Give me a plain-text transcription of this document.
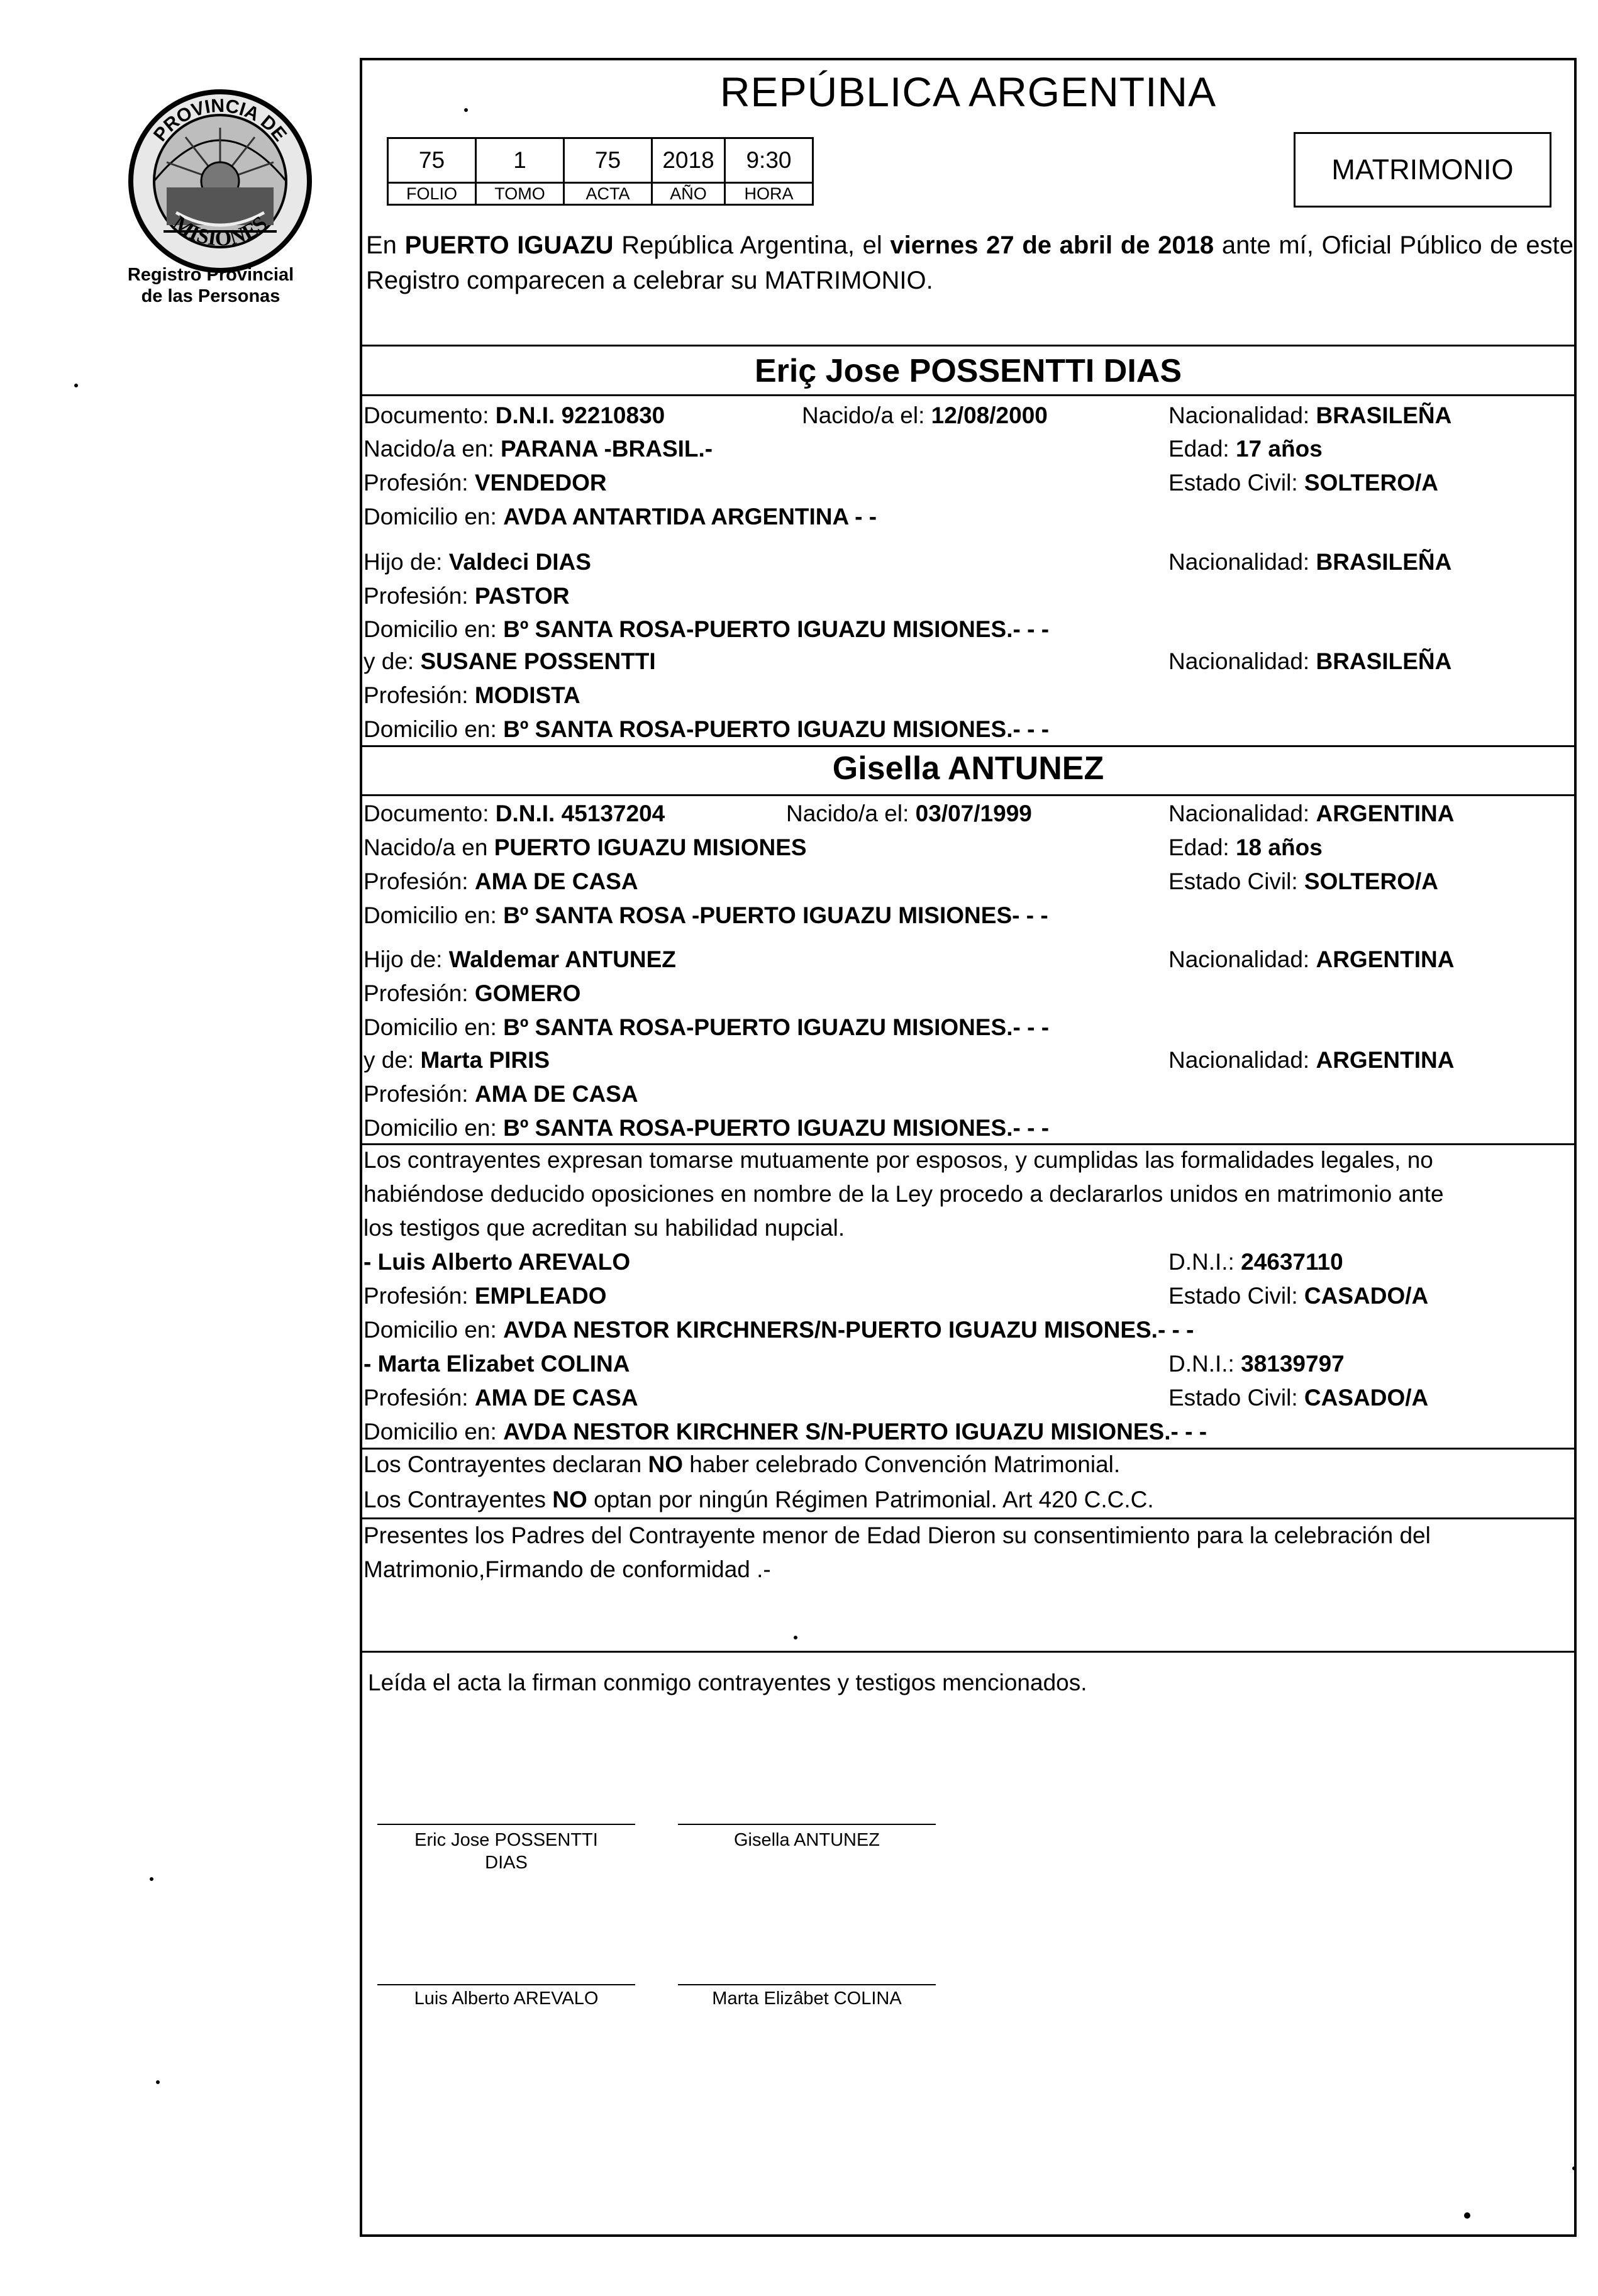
PROVINCIA DE
MISIONES
Registro Provincial
de las Personas
REPÚBLICA ARGENTINA
75	1	75	2018	9:30
FOLIO	TOMO	ACTA	AÑO	HORA
MATRIMONIO
En PUERTO IGUAZU República Argentina, el viernes 27 de abril de 2018 ante mí, Oficial Público de este Registro comparecen a celebrar su MATRIMONIO.
Eriç Jose POSSENTTI DIAS
Documento: D.N.I. 92210830	Nacido/a el: 12/08/2000	Nacionalidad: BRASILEÑA
Nacido/a en: PARANA -BRASIL.-	Edad: 17 años
Profesión: VENDEDOR	Estado Civil: SOLTERO/A
Domicilio en: AVDA ANTARTIDA ARGENTINA - -
Hijo de: Valdeci DIAS	Nacionalidad: BRASILEÑA
Profesión: PASTOR
Domicilio en: Bº SANTA ROSA-PUERTO IGUAZU MISIONES.- - -
y de: SUSANE POSSENTTI	Nacionalidad: BRASILEÑA
Profesión: MODISTA
Domicilio en: Bº SANTA ROSA-PUERTO IGUAZU MISIONES.- - -
Gisella ANTUNEZ
Documento: D.N.I. 45137204	Nacido/a el: 03/07/1999	Nacionalidad: ARGENTINA
Nacido/a en PUERTO IGUAZU MISIONES	Edad: 18 años
Profesión: AMA DE CASA	Estado Civil: SOLTERO/A
Domicilio en: Bº SANTA ROSA -PUERTO IGUAZU MISIONES- - -
Hijo de: Waldemar ANTUNEZ	Nacionalidad: ARGENTINA
Profesión: GOMERO
Domicilio en: Bº SANTA ROSA-PUERTO IGUAZU MISIONES.- - -
y de: Marta PIRIS	Nacionalidad: ARGENTINA
Profesión: AMA DE CASA
Domicilio en: Bº SANTA ROSA-PUERTO IGUAZU MISIONES.- - -
Los contrayentes expresan tomarse mutuamente por esposos, y cumplidas las formalidades legales, no
habiéndose deducido oposiciones en nombre de la Ley procedo a declararlos unidos en matrimonio ante
los testigos que acreditan su habilidad nupcial.
- Luis Alberto AREVALO	D.N.I.: 24637110
Profesión: EMPLEADO	Estado Civil: CASADO/A
Domicilio en: AVDA NESTOR KIRCHNERS/N-PUERTO IGUAZU MISONES.- - -
- Marta Elizabet COLINA	D.N.I.: 38139797
Profesión: AMA DE CASA	Estado Civil: CASADO/A
Domicilio en: AVDA NESTOR KIRCHNER S/N-PUERTO IGUAZU MISIONES.- - -
Los Contrayentes declaran NO haber celebrado Convención Matrimonial.
Los Contrayentes NO optan por ningún Régimen Patrimonial. Art 420 C.C.C.
Presentes los Padres del Contrayente menor de Edad Dieron su consentimiento para la celebración del
Matrimonio,Firmando de conformidad .-
Leída el acta la firman conmigo contrayentes y testigos mencionados.
Eric Jose POSSENTTI
DIAS
Gisella ANTUNEZ
Luis Alberto AREVALO	Marta Elizâbet COLINA
